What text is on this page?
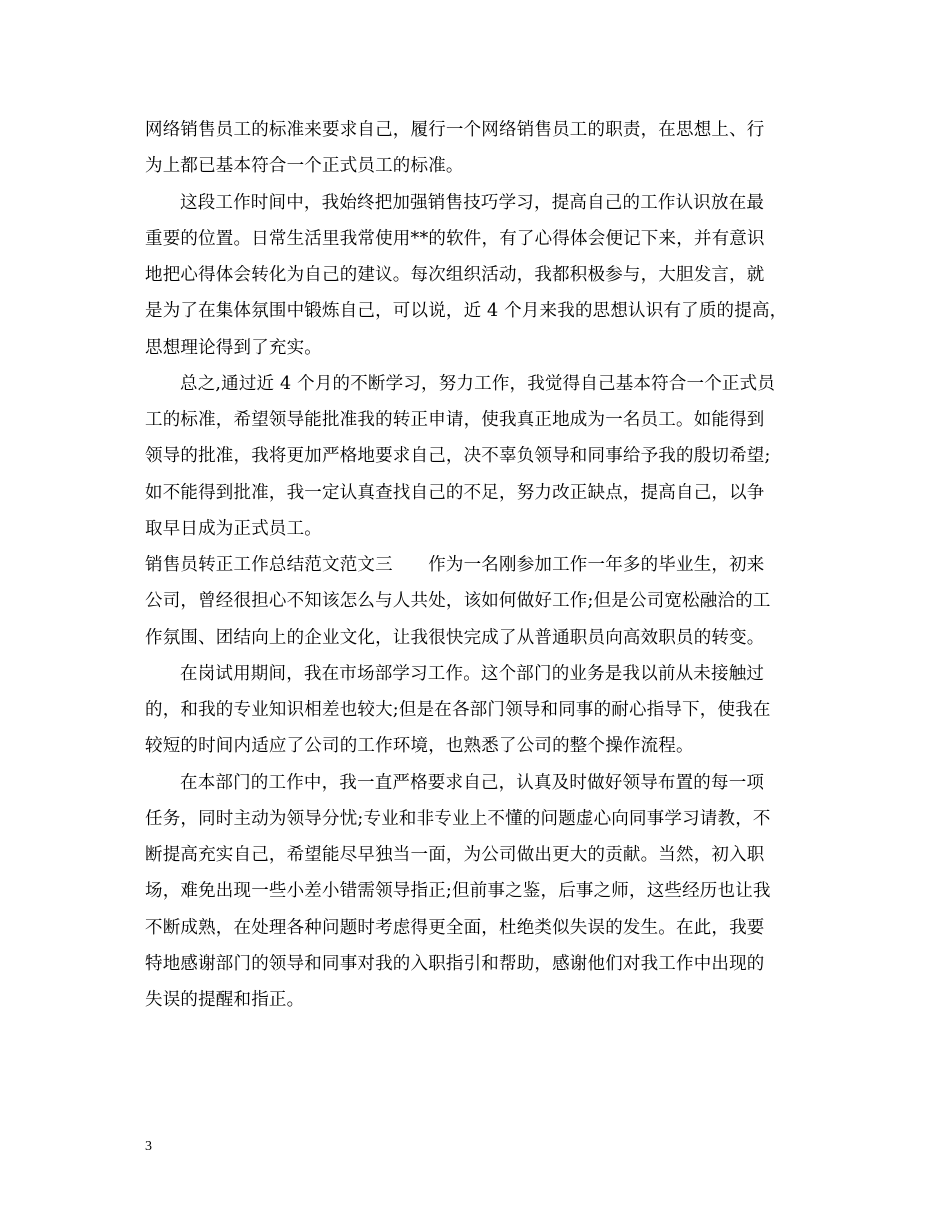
网络销售员工的标准来要求自己，履行一个网络销售员工的职责，在思想上、行
为上都已基本符合一个正式员工的标准。
这段工作时间中，我始终把加强销售技巧学习，提高自己的工作认识放在最
重要的位置。日常生活里我常使用**的软件，有了心得体会便记下来，并有意识
地把心得体会转化为自己的建议。每次组织活动，我都积极参与，大胆发言，就
是为了在集体氛围中锻炼自己，可以说，近 4 个月来我的思想认识有了质的提高，
思想理论得到了充实。
总之,通过近 4 个月的不断学习，努力工作，我觉得自己基本符合一个正式员
工的标准，希望领导能批准我的转正申请，使我真正地成为一名员工。如能得到
领导的批准，我将更加严格地要求自己，决不辜负领导和同事给予我的殷切希望;
如不能得到批准，我一定认真查找自己的不足，努力改正缺点，提高自己，以争
取早日成为正式员工。
销售员转正工作总结范文范文三　　作为一名刚参加工作一年多的毕业生，初来
公司，曾经很担心不知该怎么与人共处，该如何做好工作;但是公司宽松融洽的工
作氛围、团结向上的企业文化，让我很快完成了从普通职员向高效职员的转变。
在岗试用期间，我在市场部学习工作。这个部门的业务是我以前从未接触过
的，和我的专业知识相差也较大;但是在各部门领导和同事的耐心指导下，使我在
较短的时间内适应了公司的工作环境，也熟悉了公司的整个操作流程。
在本部门的工作中，我一直严格要求自己，认真及时做好领导布置的每一项
任务，同时主动为领导分忧;专业和非专业上不懂的问题虚心向同事学习请教，不
断提高充实自己，希望能尽早独当一面，为公司做出更大的贡献。当然，初入职
场，难免出现一些小差小错需领导指正;但前事之鉴，后事之师，这些经历也让我
不断成熟，在处理各种问题时考虑得更全面，杜绝类似失误的发生。在此，我要
特地感谢部门的领导和同事对我的入职指引和帮助，感谢他们对我工作中出现的
失误的提醒和指正。
3
